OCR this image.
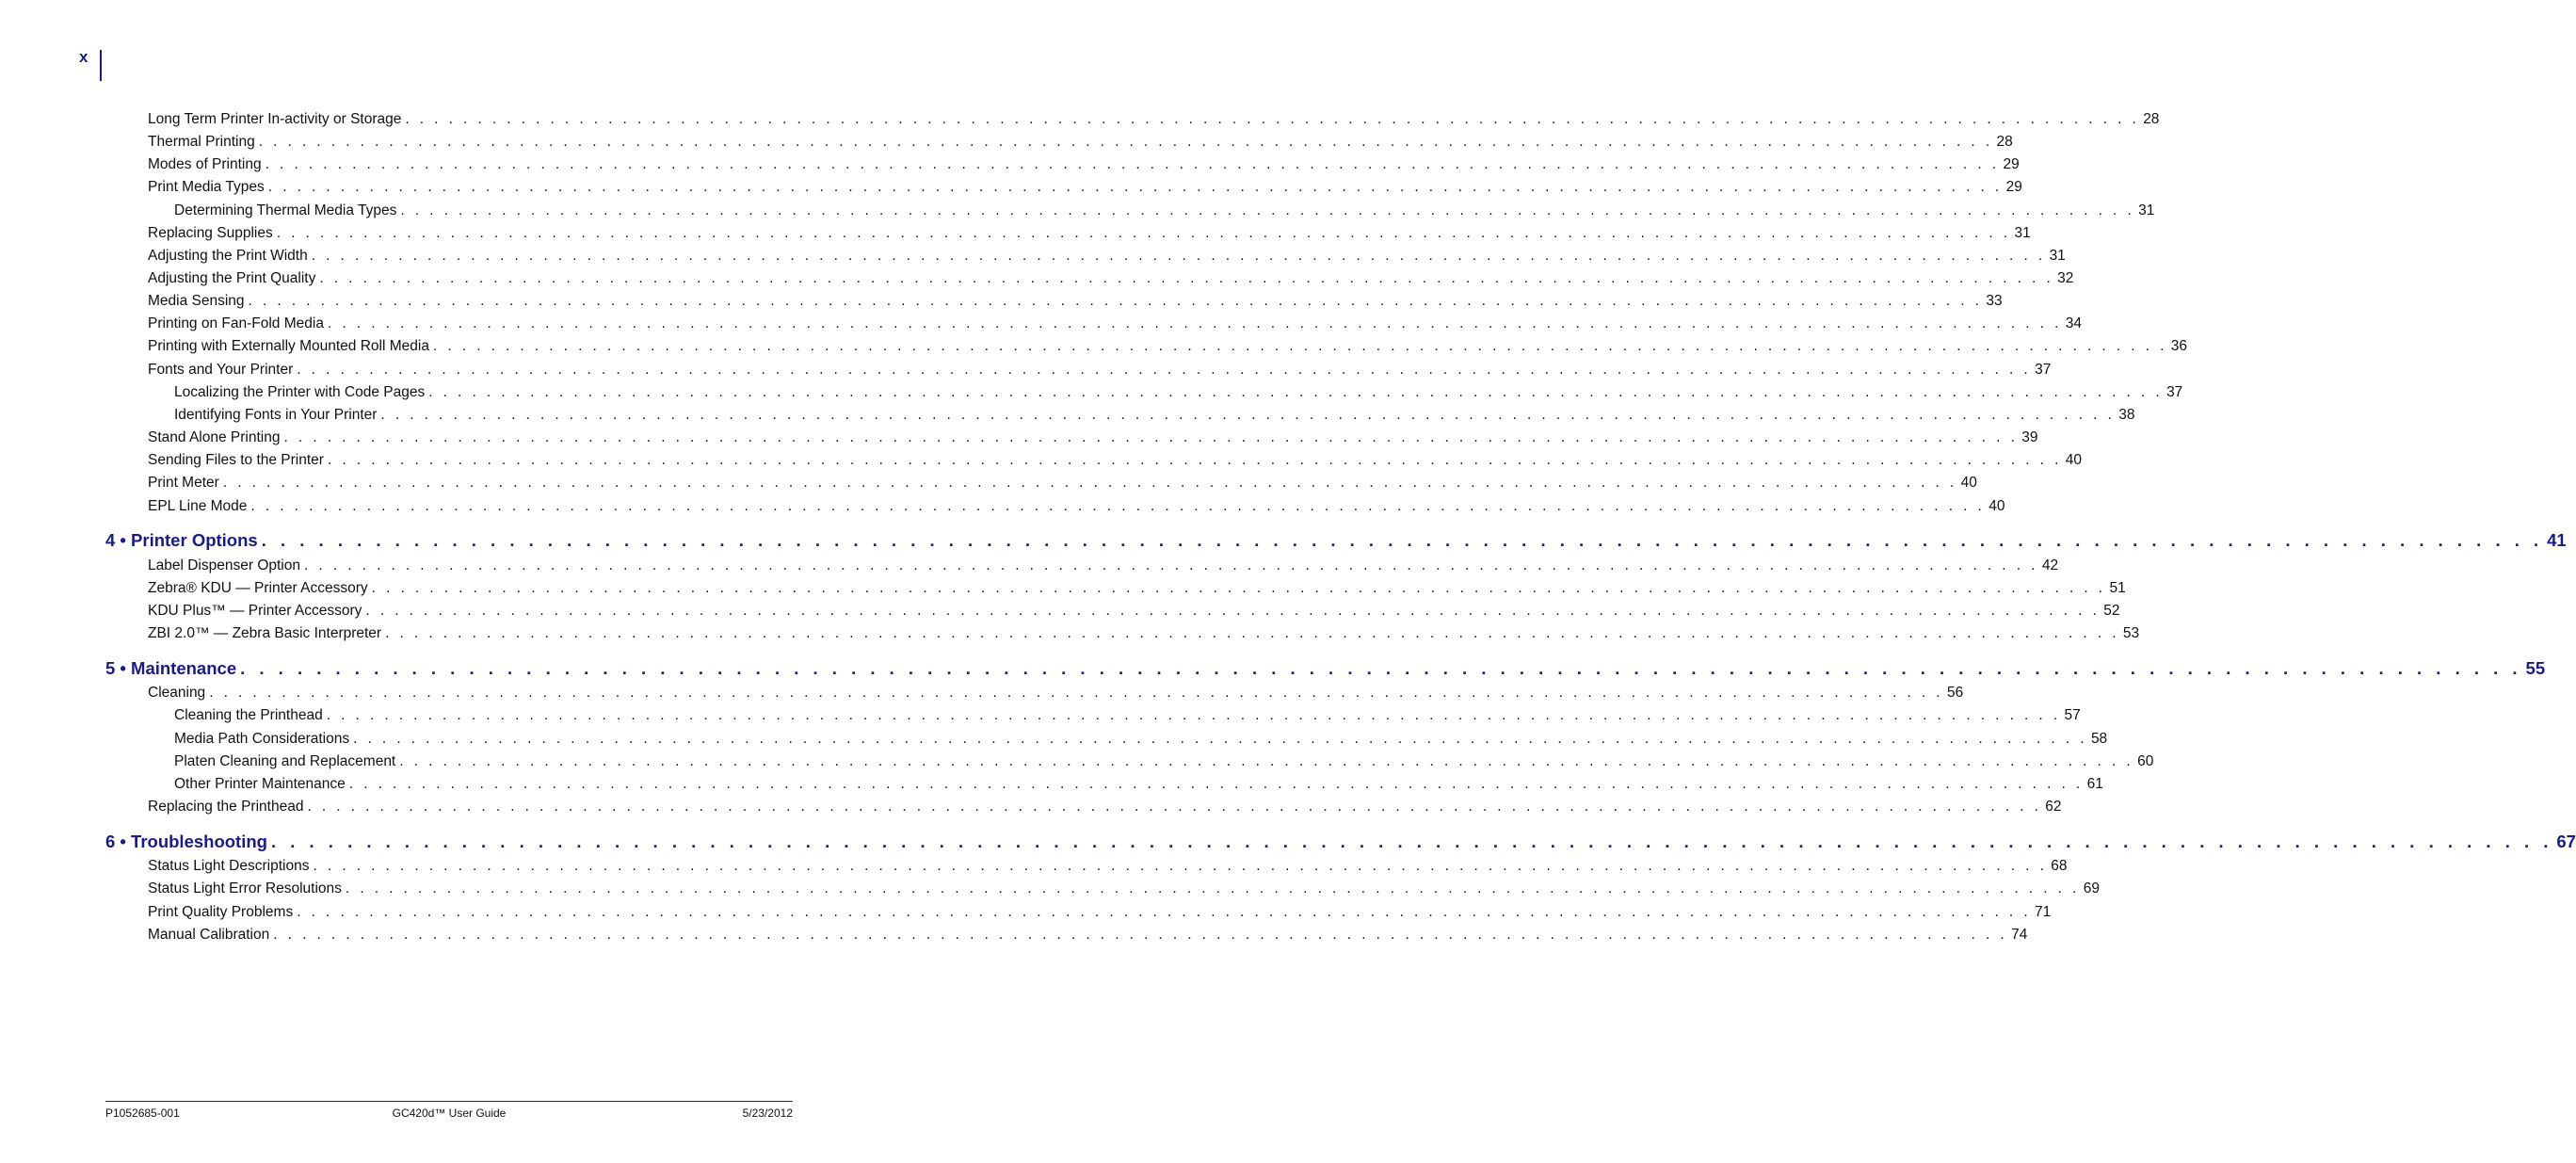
x
Long Term Printer In-activity or Storage . . . . . . . . . . . . . . . . . . . . . . . . . . . . . . . . . . . . . . . . . . . . . . . . . . . . . . . . . . . . . . . . . . . . . . . . . . . . . . . . . . . . . . . . . . . . . . . . . . . . . . . . . . . . . . . . . . . . . . . . 28
Thermal Printing . . . . . . . . . . . . . . . . . . . . . . . . . . . . . . . . . . . . . . . . . . . . . . . . . . . . . . . . . . . . . . . . . . . . . . . . . . . . . . . . . . . . . . . . . . . . . . . . . . . . . . . . . . . . . . . . . . . . . . . . 28
Modes of Printing . . . . . . . . . . . . . . . . . . . . . . . . . . . . . . . . . . . . . . . . . . . . . . . . . . . . . . . . . . . . . . . . . . . . . . . . . . . . . . . . . . . . . . . . . . . . . . . . . . . . . . . . . . . . . . . . . . . . . . . . 29
Print Media Types . . . . . . . . . . . . . . . . . . . . . . . . . . . . . . . . . . . . . . . . . . . . . . . . . . . . . . . . . . . . . . . . . . . . . . . . . . . . . . . . . . . . . . . . . . . . . . . . . . . . . . . . . . . . . . . . . . . . . . . . 29
Determining Thermal Media Types . . . . . . . . . . . . . . . . . . . . . . . . . . . . . . . . . . . . . . . . . . . . . . . . . . . . . . . . . . . . . . . . . . . . . . . . . . . . . . . . . . . . . . . . . . . . . . . . . . . . . . . . . . . . . . . . . . . . . . . . 31
Replacing Supplies . . . . . . . . . . . . . . . . . . . . . . . . . . . . . . . . . . . . . . . . . . . . . . . . . . . . . . . . . . . . . . . . . . . . . . . . . . . . . . . . . . . . . . . . . . . . . . . . . . . . . . . . . . . . . . . . . . . . . . . . 31
Adjusting the Print Width . . . . . . . . . . . . . . . . . . . . . . . . . . . . . . . . . . . . . . . . . . . . . . . . . . . . . . . . . . . . . . . . . . . . . . . . . . . . . . . . . . . . . . . . . . . . . . . . . . . . . . . . . . . . . . . . . . . . . . . . 31
Adjusting the Print Quality . . . . . . . . . . . . . . . . . . . . . . . . . . . . . . . . . . . . . . . . . . . . . . . . . . . . . . . . . . . . . . . . . . . . . . . . . . . . . . . . . . . . . . . . . . . . . . . . . . . . . . . . . . . . . . . . . . . . . . . . 32
Media Sensing . . . . . . . . . . . . . . . . . . . . . . . . . . . . . . . . . . . . . . . . . . . . . . . . . . . . . . . . . . . . . . . . . . . . . . . . . . . . . . . . . . . . . . . . . . . . . . . . . . . . . . . . . . . . . . . . . . . . . . . . 33
Printing on Fan-Fold Media . . . . . . . . . . . . . . . . . . . . . . . . . . . . . . . . . . . . . . . . . . . . . . . . . . . . . . . . . . . . . . . . . . . . . . . . . . . . . . . . . . . . . . . . . . . . . . . . . . . . . . . . . . . . . . . . . . . . . . . . 34
Printing with Externally Mounted Roll Media . . . . . . . . . . . . . . . . . . . . . . . . . . . . . . . . . . . . . . . . . . . . . . . . . . . . . . . . . . . . . . . . . . . . . . . . . . . . . . . . . . . . . . . . . . . . . . . . . . . . . . . . . . . . . . . . . . . . . . . . 36
Fonts and Your Printer . . . . . . . . . . . . . . . . . . . . . . . . . . . . . . . . . . . . . . . . . . . . . . . . . . . . . . . . . . . . . . . . . . . . . . . . . . . . . . . . . . . . . . . . . . . . . . . . . . . . . . . . . . . . . . . . . . . . . . . . 37
Localizing the Printer with Code Pages . . . . . . . . . . . . . . . . . . . . . . . . . . . . . . . . . . . . . . . . . . . . . . . . . . . . . . . . . . . . . . . . . . . . . . . . . . . . . . . . . . . . . . . . . . . . . . . . . . . . . . . . . . . . . . . . . . . . . . . . 37
Identifying Fonts in Your Printer . . . . . . . . . . . . . . . . . . . . . . . . . . . . . . . . . . . . . . . . . . . . . . . . . . . . . . . . . . . . . . . . . . . . . . . . . . . . . . . . . . . . . . . . . . . . . . . . . . . . . . . . . . . . . . . . . . . . . . . . 38
Stand Alone Printing . . . . . . . . . . . . . . . . . . . . . . . . . . . . . . . . . . . . . . . . . . . . . . . . . . . . . . . . . . . . . . . . . . . . . . . . . . . . . . . . . . . . . . . . . . . . . . . . . . . . . . . . . . . . . . . . . . . . . . . . 39
Sending Files to the Printer . . . . . . . . . . . . . . . . . . . . . . . . . . . . . . . . . . . . . . . . . . . . . . . . . . . . . . . . . . . . . . . . . . . . . . . . . . . . . . . . . . . . . . . . . . . . . . . . . . . . . . . . . . . . . . . . . . . . . . . . 40
Print Meter . . . . . . . . . . . . . . . . . . . . . . . . . . . . . . . . . . . . . . . . . . . . . . . . . . . . . . . . . . . . . . . . . . . . . . . . . . . . . . . . . . . . . . . . . . . . . . . . . . . . . . . . . . . . . . . . . . . . . . . . 40
EPL Line Mode . . . . . . . . . . . . . . . . . . . . . . . . . . . . . . . . . . . . . . . . . . . . . . . . . . . . . . . . . . . . . . . . . . . . . . . . . . . . . . . . . . . . . . . . . . . . . . . . . . . . . . . . . . . . . . . . . . . . . . . . 40
4 • Printer Options . . . . . . . . . . . . . . . . . . . . . . . . . . . . . . . . . . . . . . . . . . . . . . . . . . . . . . . . . . . . . . . . . . . . . . . . . . . . . . . . . . . . . . . . . . . . . . . . . . . . . . . . . . . . . . . . . . . . . . . . 41
Label Dispenser Option . . . . . . . . . . . . . . . . . . . . . . . . . . . . . . . . . . . . . . . . . . . . . . . . . . . . . . . . . . . . . . . . . . . . . . . . . . . . . . . . . . . . . . . . . . . . . . . . . . . . . . . . . . . . . . . . . . . . . . . . 42
Zebra® KDU — Printer Accessory . . . . . . . . . . . . . . . . . . . . . . . . . . . . . . . . . . . . . . . . . . . . . . . . . . . . . . . . . . . . . . . . . . . . . . . . . . . . . . . . . . . . . . . . . . . . . . . . . . . . . . . . . . . . . . . . . . . . . . . . 51
KDU Plus™ — Printer Accessory . . . . . . . . . . . . . . . . . . . . . . . . . . . . . . . . . . . . . . . . . . . . . . . . . . . . . . . . . . . . . . . . . . . . . . . . . . . . . . . . . . . . . . . . . . . . . . . . . . . . . . . . . . . . . . . . . . . . . . . . 52
ZBI 2.0™ — Zebra Basic Interpreter . . . . . . . . . . . . . . . . . . . . . . . . . . . . . . . . . . . . . . . . . . . . . . . . . . . . . . . . . . . . . . . . . . . . . . . . . . . . . . . . . . . . . . . . . . . . . . . . . . . . . . . . . . . . . . . . . . . . . . . . 53
5 • Maintenance . . . . . . . . . . . . . . . . . . . . . . . . . . . . . . . . . . . . . . . . . . . . . . . . . . . . . . . . . . . . . . . . . . . . . . . . . . . . . . . . . . . . . . . . . . . . . . . . . . . . . . . . . . . . . . . . . . . . . . . . 55
Cleaning . . . . . . . . . . . . . . . . . . . . . . . . . . . . . . . . . . . . . . . . . . . . . . . . . . . . . . . . . . . . . . . . . . . . . . . . . . . . . . . . . . . . . . . . . . . . . . . . . . . . . . . . . . . . . . . . . . . . . . . . 56
Cleaning the Printhead . . . . . . . . . . . . . . . . . . . . . . . . . . . . . . . . . . . . . . . . . . . . . . . . . . . . . . . . . . . . . . . . . . . . . . . . . . . . . . . . . . . . . . . . . . . . . . . . . . . . . . . . . . . . . . . . . . . . . . . . 57
Media Path Considerations . . . . . . . . . . . . . . . . . . . . . . . . . . . . . . . . . . . . . . . . . . . . . . . . . . . . . . . . . . . . . . . . . . . . . . . . . . . . . . . . . . . . . . . . . . . . . . . . . . . . . . . . . . . . . . . . . . . . . . . . 58
Platen Cleaning and Replacement . . . . . . . . . . . . . . . . . . . . . . . . . . . . . . . . . . . . . . . . . . . . . . . . . . . . . . . . . . . . . . . . . . . . . . . . . . . . . . . . . . . . . . . . . . . . . . . . . . . . . . . . . . . . . . . . . . . . . . . . 60
Other Printer Maintenance . . . . . . . . . . . . . . . . . . . . . . . . . . . . . . . . . . . . . . . . . . . . . . . . . . . . . . . . . . . . . . . . . . . . . . . . . . . . . . . . . . . . . . . . . . . . . . . . . . . . . . . . . . . . . . . . . . . . . . . . 61
Replacing the Printhead . . . . . . . . . . . . . . . . . . . . . . . . . . . . . . . . . . . . . . . . . . . . . . . . . . . . . . . . . . . . . . . . . . . . . . . . . . . . . . . . . . . . . . . . . . . . . . . . . . . . . . . . . . . . . . . . . . . . . . . . 62
6 • Troubleshooting . . . . . . . . . . . . . . . . . . . . . . . . . . . . . . . . . . . . . . . . . . . . . . . . . . . . . . . . . . . . . . . . . . . . . . . . . . . . . . . . . . . . . . . . . . . . . . . . . . . . . . . . . . . . . . . . . . . . . . . . 67
Status Light Descriptions . . . . . . . . . . . . . . . . . . . . . . . . . . . . . . . . . . . . . . . . . . . . . . . . . . . . . . . . . . . . . . . . . . . . . . . . . . . . . . . . . . . . . . . . . . . . . . . . . . . . . . . . . . . . . . . . . . . . . . . . 68
Status Light Error Resolutions . . . . . . . . . . . . . . . . . . . . . . . . . . . . . . . . . . . . . . . . . . . . . . . . . . . . . . . . . . . . . . . . . . . . . . . . . . . . . . . . . . . . . . . . . . . . . . . . . . . . . . . . . . . . . . . . . . . . . . . . 69
Print Quality Problems . . . . . . . . . . . . . . . . . . . . . . . . . . . . . . . . . . . . . . . . . . . . . . . . . . . . . . . . . . . . . . . . . . . . . . . . . . . . . . . . . . . . . . . . . . . . . . . . . . . . . . . . . . . . . . . . . . . . . . . . 71
Manual Calibration . . . . . . . . . . . . . . . . . . . . . . . . . . . . . . . . . . . . . . . . . . . . . . . . . . . . . . . . . . . . . . . . . . . . . . . . . . . . . . . . . . . . . . . . . . . . . . . . . . . . . . . . . . . . . . . . . . . . . . . . 74
P1052685-001	GC420d™ User Guide	5/23/2012
